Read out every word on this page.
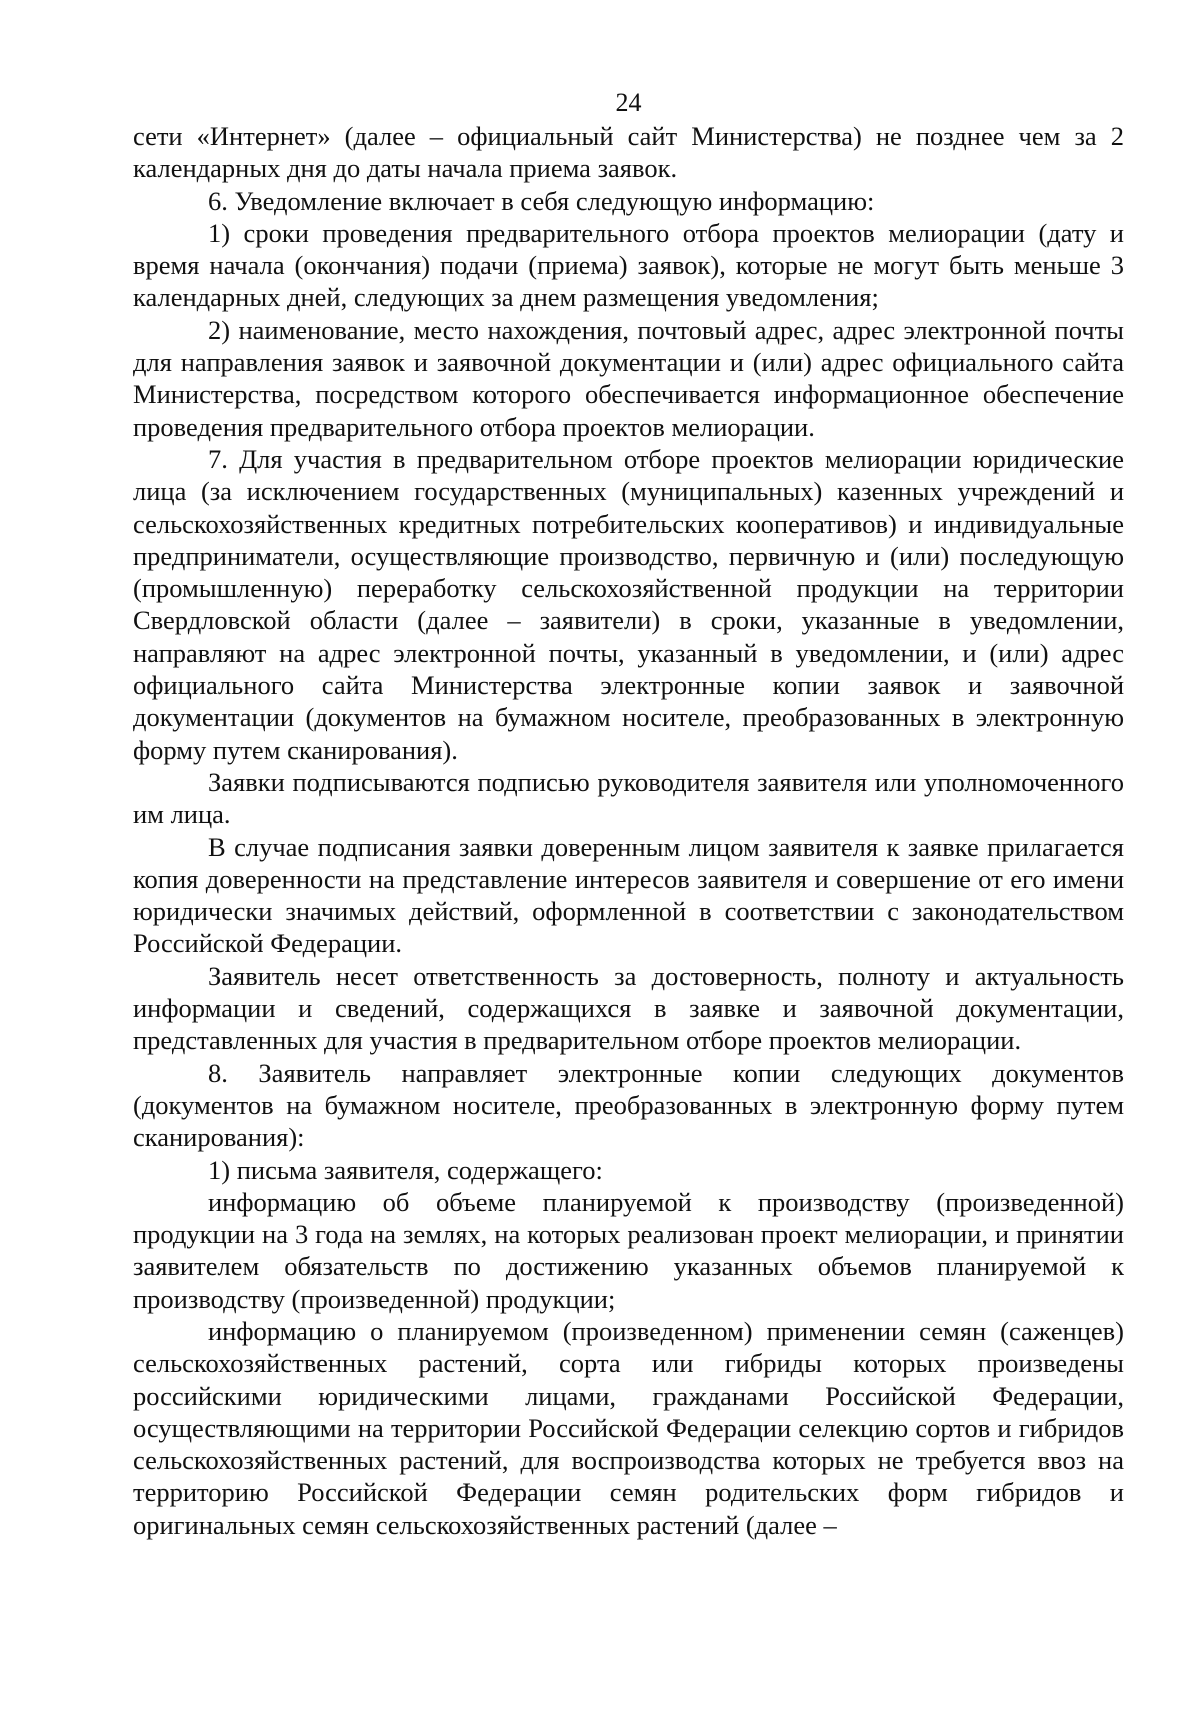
24

сети «Интернет» (далее – официальный сайт Министерства) не позднее чем за 2 календарных дня до даты начала приема заявок.

6. Уведомление включает в себя следующую информацию:

1) сроки проведения предварительного отбора проектов мелиорации (дату и время начала (окончания) подачи (приема) заявок), которые не могут быть меньше 3 календарных дней, следующих за днем размещения уведомления;

2) наименование, место нахождения, почтовый адрес, адрес электронной почты для направления заявок и заявочной документации и (или) адрес официального сайта Министерства, посредством которого обеспечивается информационное обеспечение проведения предварительного отбора проектов мелиорации.

7. Для участия в предварительном отборе проектов мелиорации юридические лица (за исключением государственных (муниципальных) казенных учреждений и сельскохозяйственных кредитных потребительских кооперативов) и индивидуальные предприниматели, осуществляющие производство, первичную и (или) последующую (промышленную) переработку сельскохозяйственной продукции на территории Свердловской области (далее – заявители) в сроки, указанные в уведомлении, направляют на адрес электронной почты, указанный в уведомлении, и (или) адрес официального сайта Министерства электронные копии заявок и заявочной документации (документов на бумажном носителе, преобразованных в электронную форму путем сканирования).

Заявки подписываются подписью руководителя заявителя или уполномоченного им лица.

В случае подписания заявки доверенным лицом заявителя к заявке прилагается копия доверенности на представление интересов заявителя и совершение от его имени юридически значимых действий, оформленной в соответствии с законодательством Российской Федерации.

Заявитель несет ответственность за достоверность, полноту и актуальность информации и сведений, содержащихся в заявке и заявочной документации, представленных для участия в предварительном отборе проектов мелиорации.

8. Заявитель направляет электронные копии следующих документов (документов на бумажном носителе, преобразованных в электронную форму путем сканирования):

1) письма заявителя, содержащего:

информацию об объеме планируемой к производству (произведенной) продукции на 3 года на землях, на которых реализован проект мелиорации, и принятии заявителем обязательств по достижению указанных объемов планируемой к производству (произведенной) продукции;

информацию о планируемом (произведенном) применении семян (саженцев) сельскохозяйственных растений, сорта или гибриды которых произведены российскими юридическими лицами, гражданами Российской Федерации, осуществляющими на территории Российской Федерации селекцию сортов и гибридов сельскохозяйственных растений, для воспроизводства которых не требуется ввоз на территорию Российской Федерации семян родительских форм гибридов и оригинальных семян сельскохозяйственных растений (далее –
